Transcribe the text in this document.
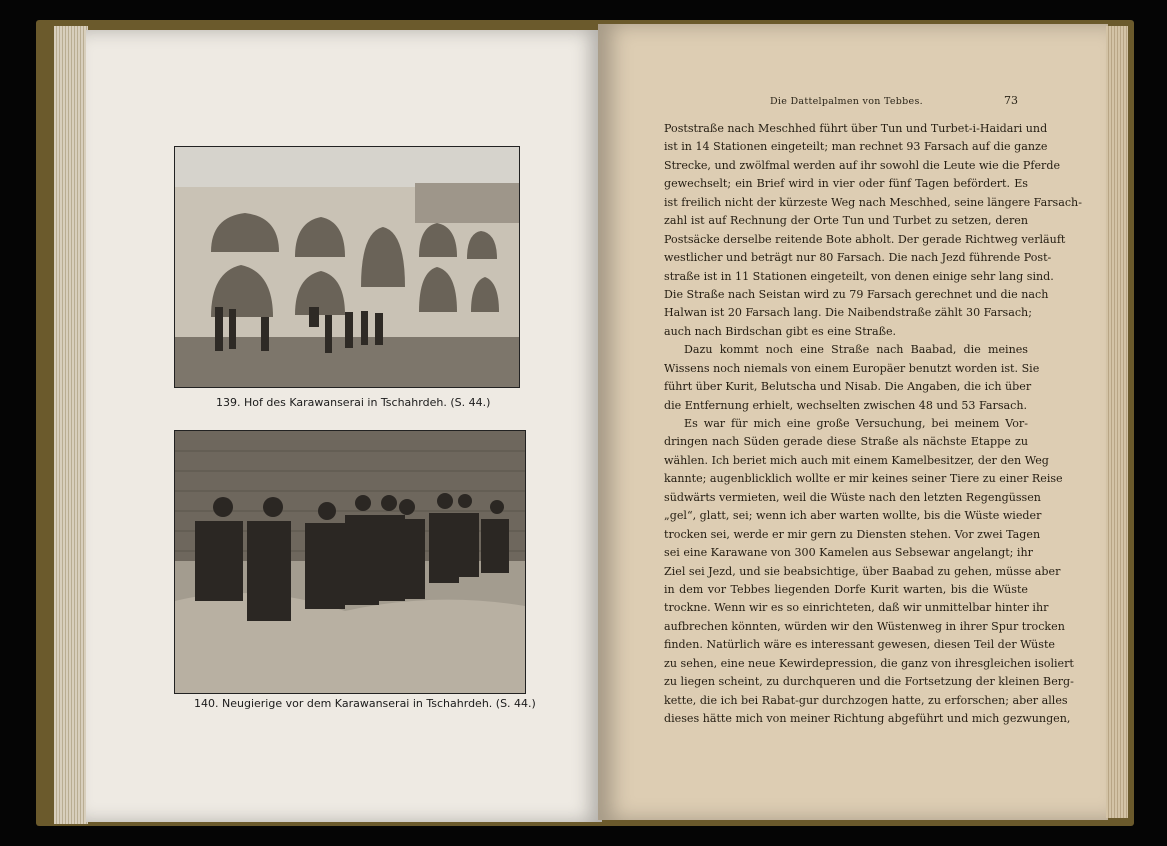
139. Hof des Karawanserai in Tschahrdeh. (S. 44.)
140. Neugierige vor dem Karawanserai in Tschahrdeh. (S. 44.)
Die Dattelpalmen von Tebbes.	73
Poststraße nach Meschhed führt über Tun und Turbet-i-Haidari und
ist in 14 Stationen eingeteilt; man rechnet 93 Farsach auf die ganze
Strecke, und zwölfmal werden auf ihr sowohl die Leute wie die Pferde
gewechselt; ein Brief wird in vier oder fünf Tagen befördert. Es
ist freilich nicht der kürzeste Weg nach Meschhed, seine längere Farsach-
zahl ist auf Rechnung der Orte Tun und Turbet zu setzen, deren
Postsäcke derselbe reitende Bote abholt. Der gerade Richtweg verläuft
westlicher und beträgt nur 80 Farsach. Die nach Jezd führende Post-
straße ist in 11 Stationen eingeteilt, von denen einige sehr lang sind.
Die Straße nach Seistan wird zu 79 Farsach gerechnet und die nach
Halwan ist 20 Farsach lang. Die Naibendstraße zählt 30 Farsach;
auch nach Birdschan gibt es eine Straße.
Dazu kommt noch eine Straße nach Baabad, die meines
Wissens noch niemals von einem Europäer benutzt worden ist. Sie
führt über Kurit, Belutscha und Nisab. Die Angaben, die ich über
die Entfernung erhielt, wechselten zwischen 48 und 53 Farsach.
Es war für mich eine große Versuchung, bei meinem Vor-
dringen nach Süden gerade diese Straße als nächste Etappe zu
wählen. Ich beriet mich auch mit einem Kamelbesitzer, der den Weg
kannte; augenblicklich wollte er mir keines seiner Tiere zu einer Reise
südwärts vermieten, weil die Wüste nach den letzten Regengüssen
„gel“, glatt, sei; wenn ich aber warten wollte, bis die Wüste wieder
trocken sei, werde er mir gern zu Diensten stehen. Vor zwei Tagen
sei eine Karawane von 300 Kamelen aus Sebsewar angelangt; ihr
Ziel sei Jezd, und sie beabsichtige, über Baabad zu gehen, müsse aber
in dem vor Tebbes liegenden Dorfe Kurit warten, bis die Wüste
trockne. Wenn wir es so einrichteten, daß wir unmittelbar hinter ihr
aufbrechen könnten, würden wir den Wüstenweg in ihrer Spur trocken
finden. Natürlich wäre es interessant gewesen, diesen Teil der Wüste
zu sehen, eine neue Kewirdepression, die ganz von ihresgleichen isoliert
zu liegen scheint, zu durchqueren und die Fortsetzung der kleinen Berg-
kette, die ich bei Rabat-gur durchzogen hatte, zu erforschen; aber alles
dieses hätte mich von meiner Richtung abgeführt und mich gezwungen,
